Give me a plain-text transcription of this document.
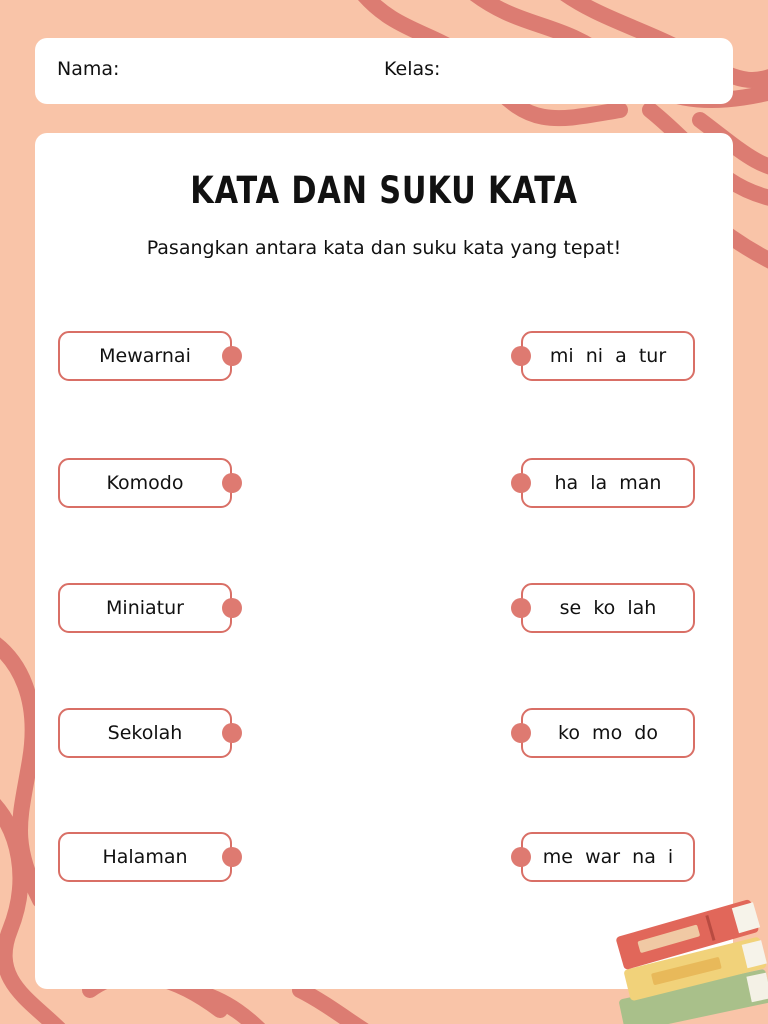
Nama:	Kelas:
KATA DAN SUKU KATA
Pasangkan antara kata dan suku kata yang tepat!
Mewarnai
Komodo
Miniatur
Sekolah
Halaman
mi  ni  a  tur
ha  la  man
se  ko  lah
ko  mo  do
me  war  na  i
